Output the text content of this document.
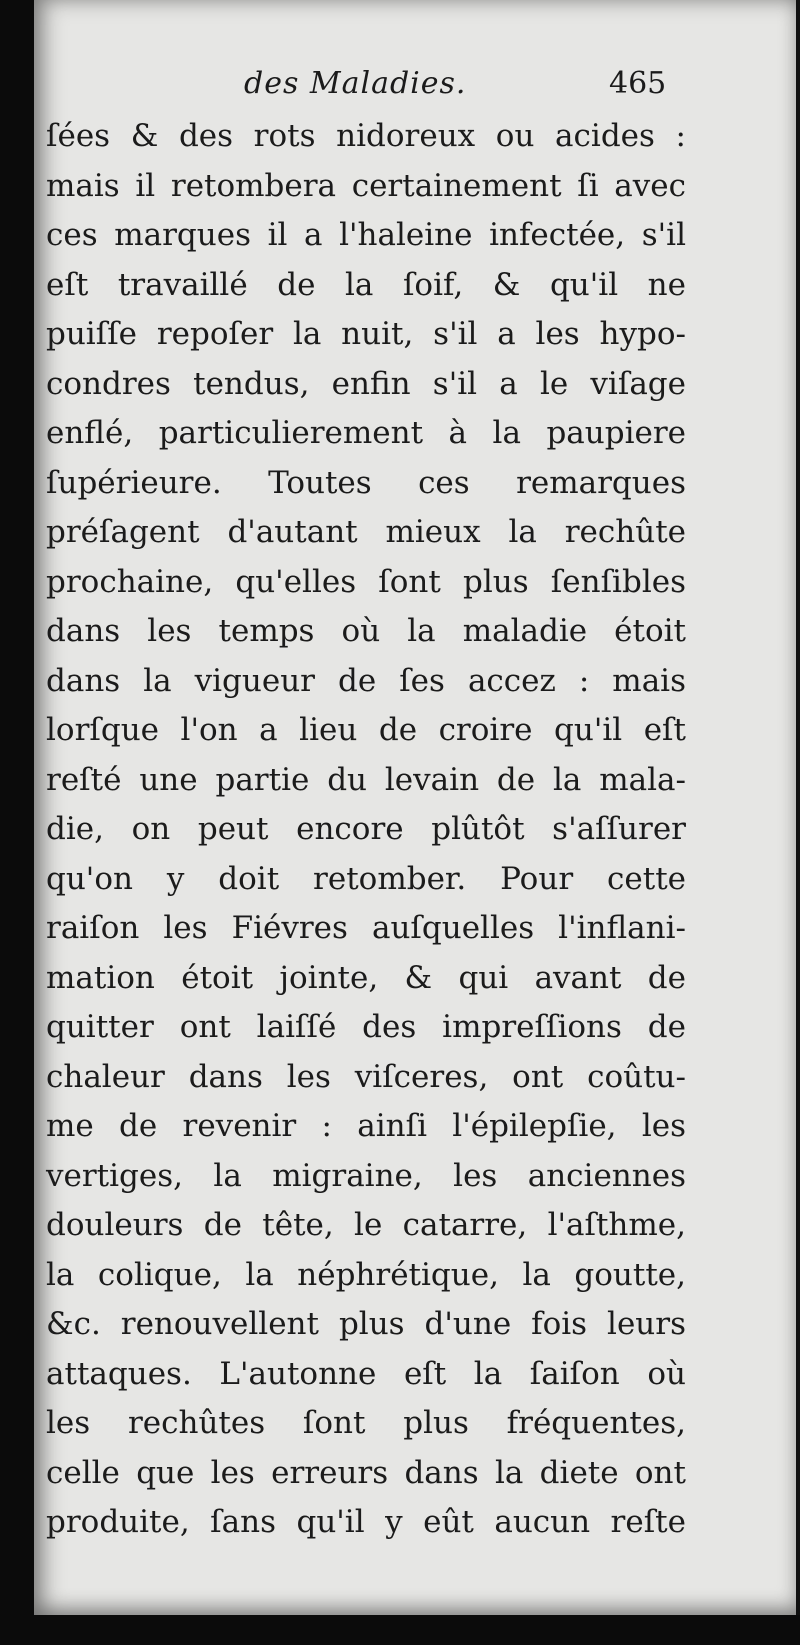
des Maladies.	465
ſées & des rots nidoreux ou acides :
mais il retombera certainement ſi avec
ces marques il a l'haleine infectée, s'il
eſt travaillé de la ſoif, & qu'il ne
puiſſe repoſer la nuit, s'il a les hypo-
condres tendus, enfin s'il a le viſage
enflé, particulierement à la paupiere
ſupérieure. Toutes ces remarques
préſagent d'autant mieux la rechûte
prochaine, qu'elles ſont plus ſenſibles
dans les temps où la maladie étoit
dans la vigueur de ſes accez : mais
lorſque l'on a lieu de croire qu'il eſt
reſté une partie du levain de la mala-
die, on peut encore plûtôt s'aſſurer
qu'on y doit retomber. Pour cette
raiſon les Fiévres auſquelles l'inflani-
mation étoit jointe, & qui avant de
quitter ont laiſſé des impreſſions de
chaleur dans les viſceres, ont coûtu-
me de revenir : ainſi l'épilepſie, les
vertiges, la migraine, les anciennes
douleurs de tête, le catarre, l'aſthme,
la colique, la néphrétique, la goutte,
&c. renouvellent plus d'une fois leurs
attaques. L'autonne eſt la ſaiſon où
les rechûtes ſont plus fréquentes,
celle que les erreurs dans la diete ont
produite, ſans qu'il y eût aucun reſte
